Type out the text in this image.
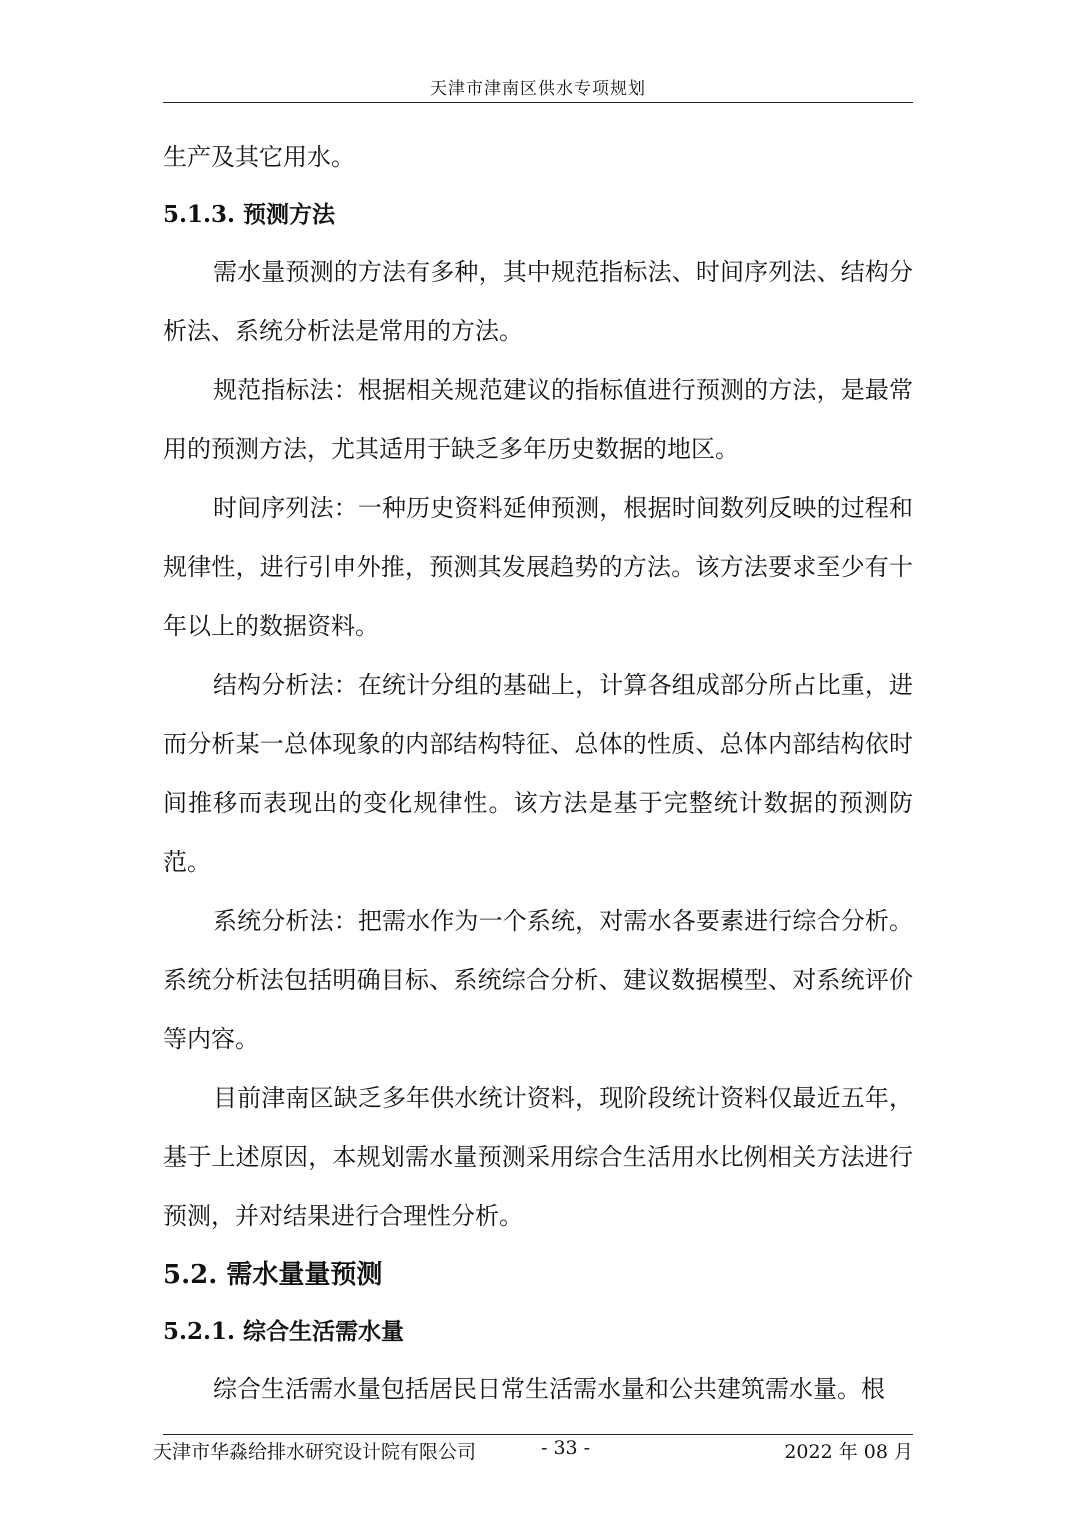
天津市津南区供水专项规划

生产及其它用水。

5.1.3. 预测方法

需水量预测的方法有多种，其中规范指标法、时间序列法、结构分析法、系统分析法是常用的方法。

规范指标法：根据相关规范建议的指标值进行预测的方法，是最常用的预测方法，尤其适用于缺乏多年历史数据的地区。

时间序列法：一种历史资料延伸预测，根据时间数列反映的过程和规律性，进行引申外推，预测其发展趋势的方法。该方法要求至少有十年以上的数据资料。

结构分析法：在统计分组的基础上，计算各组成部分所占比重，进而分析某一总体现象的内部结构特征、总体的性质、总体内部结构依时间推移而表现出的变化规律性。该方法是基于完整统计数据的预测防范。

系统分析法：把需水作为一个系统，对需水各要素进行综合分析。系统分析法包括明确目标、系统综合分析、建议数据模型、对系统评价等内容。

目前津南区缺乏多年供水统计资料，现阶段统计资料仅最近五年，基于上述原因，本规划需水量预测采用综合生活用水比例相关方法进行预测，并对结果进行合理性分析。

5.2. 需水量量预测
5.2.1. 综合生活需水量

综合生活需水量包括居民日常生活需水量和公共建筑需水量。根

天津市华淼给排水研究设计院有限公司	- 33 -	2022 年 08 月
